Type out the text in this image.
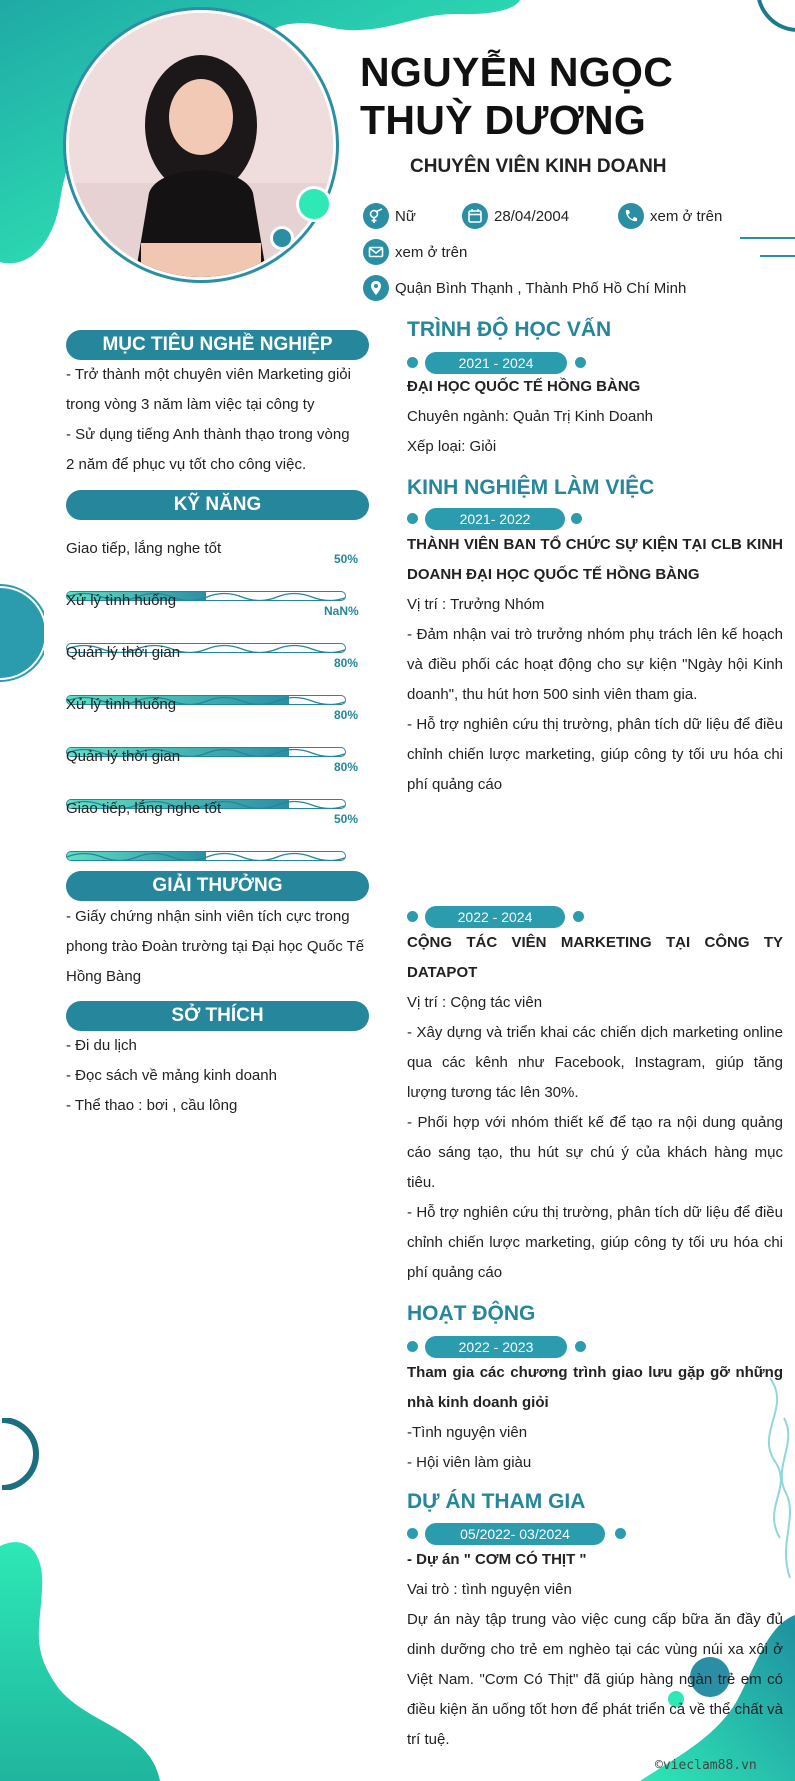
NGUYỄN NGỌC THUỲ DƯƠNG
CHUYÊN VIÊN KINH DOANH
Nữ	28/04/2004	xem ở trên
xem ở trên
Quận Bình Thạnh , Thành Phố Hồ Chí Minh
MỤC TIÊU NGHỀ NGHIỆP
- Trở thành một chuyên viên Marketing giỏi
trong vòng 3 năm làm việc tại công ty
- Sử dụng tiếng Anh thành thạo trong vòng
2 năm để phục vụ tốt cho công việc.
KỸ NĂNG
Giao tiếp, lắng nghe tốt
50%
Xử lý tình huống
NaN%
Quản lý thời gian
80%
Xử lý tình huống
80%
Quản lý thời gian
80%
Giao tiếp, lắng nghe tốt
50%
GIẢI THƯỞNG
- Giấy chứng nhận sinh viên tích cực trong
phong trào Đoàn trường tại Đại học Quốc Tế
Hồng Bàng
SỞ THÍCH
- Đi du lịch
- Đọc sách về mảng kinh doanh
- Thể thao : bơi , cầu lông
TRÌNH ĐỘ HỌC VẤN
2021 - 2024
ĐẠI HỌC QUỐC TẾ HỒNG BÀNG
Chuyên ngành: Quản Trị Kinh Doanh
Xếp loại: Giỏi
KINH NGHIỆM LÀM VIỆC
2021- 2022
THÀNH VIÊN BAN TỔ CHỨC SỰ KIỆN TẠI CLB KINH DOANH ĐẠI HỌC QUỐC TẾ HỒNG BÀNG
Vị trí : Trưởng Nhóm
- Đảm nhận vai trò trưởng nhóm phụ trách lên kế hoạch và điều phối các hoạt động cho sự kiện "Ngày hội Kinh doanh", thu hút hơn 500 sinh viên tham gia.
- Hỗ trợ nghiên cứu thị trường, phân tích dữ liệu để điều chỉnh chiến lược marketing, giúp công ty tối ưu hóa chi phí quảng cáo
2022 - 2024
CỘNG TÁC VIÊN MARKETING TẠI CÔNG TY DATAPOT
Vị trí : Cộng tác viên
- Xây dựng và triển khai các chiến dịch marketing online qua các kênh như Facebook, Instagram, giúp tăng lượng tương tác lên 30%.
- Phối hợp với nhóm thiết kế để tạo ra nội dung quảng cáo sáng tạo, thu hút sự chú ý của khách hàng mục tiêu.
- Hỗ trợ nghiên cứu thị trường, phân tích dữ liệu để điều chỉnh chiến lược marketing, giúp công ty tối ưu hóa chi phí quảng cáo
HOẠT ĐỘNG
2022 - 2023
Tham gia các chương trình giao lưu gặp gỡ những nhà kinh doanh giỏi
-Tình nguyện viên
- Hội viên làm giàu
DỰ ÁN THAM GIA
05/2022- 03/2024
- Dự án " CƠM CÓ THỊT "
Vai trò : tình nguyện viên
Dự án này tập trung vào việc cung cấp bữa ăn đầy đủ dinh dưỡng cho trẻ em nghèo tại các vùng núi xa xôi ở Việt Nam. "Cơm Có Thịt" đã giúp hàng ngàn trẻ em có điều kiện ăn uống tốt hơn để phát triển cả về thể chất và trí tuệ.
©vieclam88.vn
